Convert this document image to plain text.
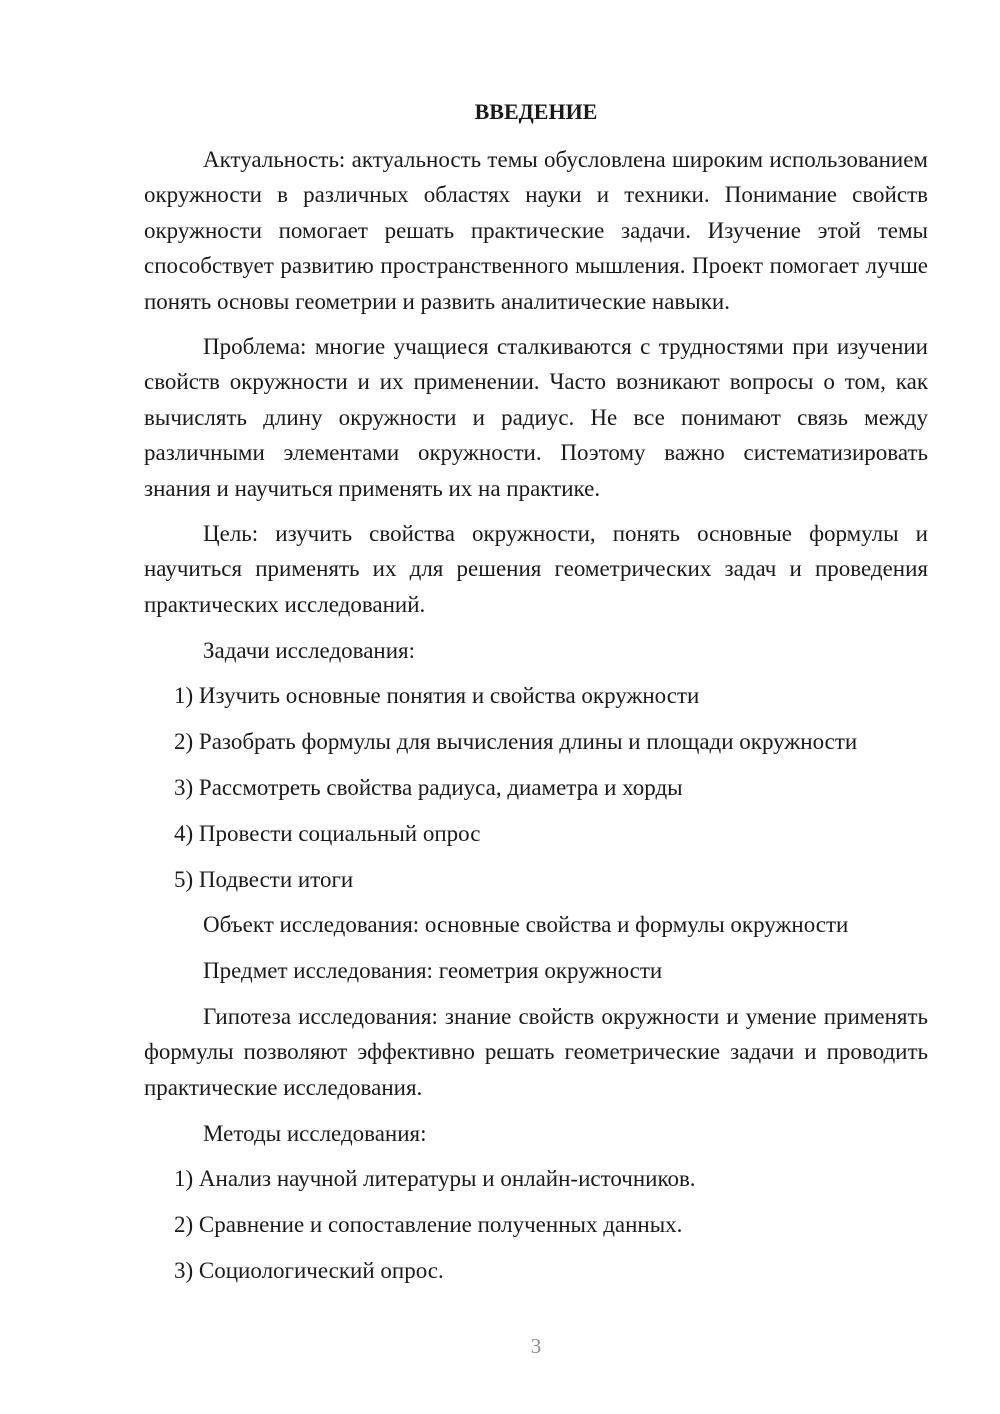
ВВЕДЕНИЕ

Актуальность: актуальность темы обусловлена широким использованием окружности в различных областях науки и техники. Понимание свойств окружности помогает решать практические задачи. Изучение этой темы способствует развитию пространственного мышления. Проект помогает лучше понять основы геометрии и развить аналитические навыки.

Проблема: многие учащиеся сталкиваются с трудностями при изучении свойств окружности и их применении. Часто возникают вопросы о том, как вычислять длину окружности и радиус. Не все понимают связь между различными элементами окружности. Поэтому важно систематизировать знания и научиться применять их на практике.

Цель: изучить свойства окружности, понять основные формулы и научиться применять их для решения геометрических задач и проведения практических исследований.

Задачи исследования:

1) Изучить основные понятия и свойства окружности
2) Разобрать формулы для вычисления длины и площади окружности
3) Рассмотреть свойства радиуса, диаметра и хорды
4) Провести социальный опрос
5) Подвести итоги

Объект исследования: основные свойства и формулы окружности

Предмет исследования: геометрия окружности

Гипотеза исследования: знание свойств окружности и умение применять формулы позволяют эффективно решать геометрические задачи и проводить практические исследования.

Методы исследования:

1) Анализ научной литературы и онлайн-источников.
2) Сравнение и сопоставление полученных данных.
3) Социологический опрос.
3
